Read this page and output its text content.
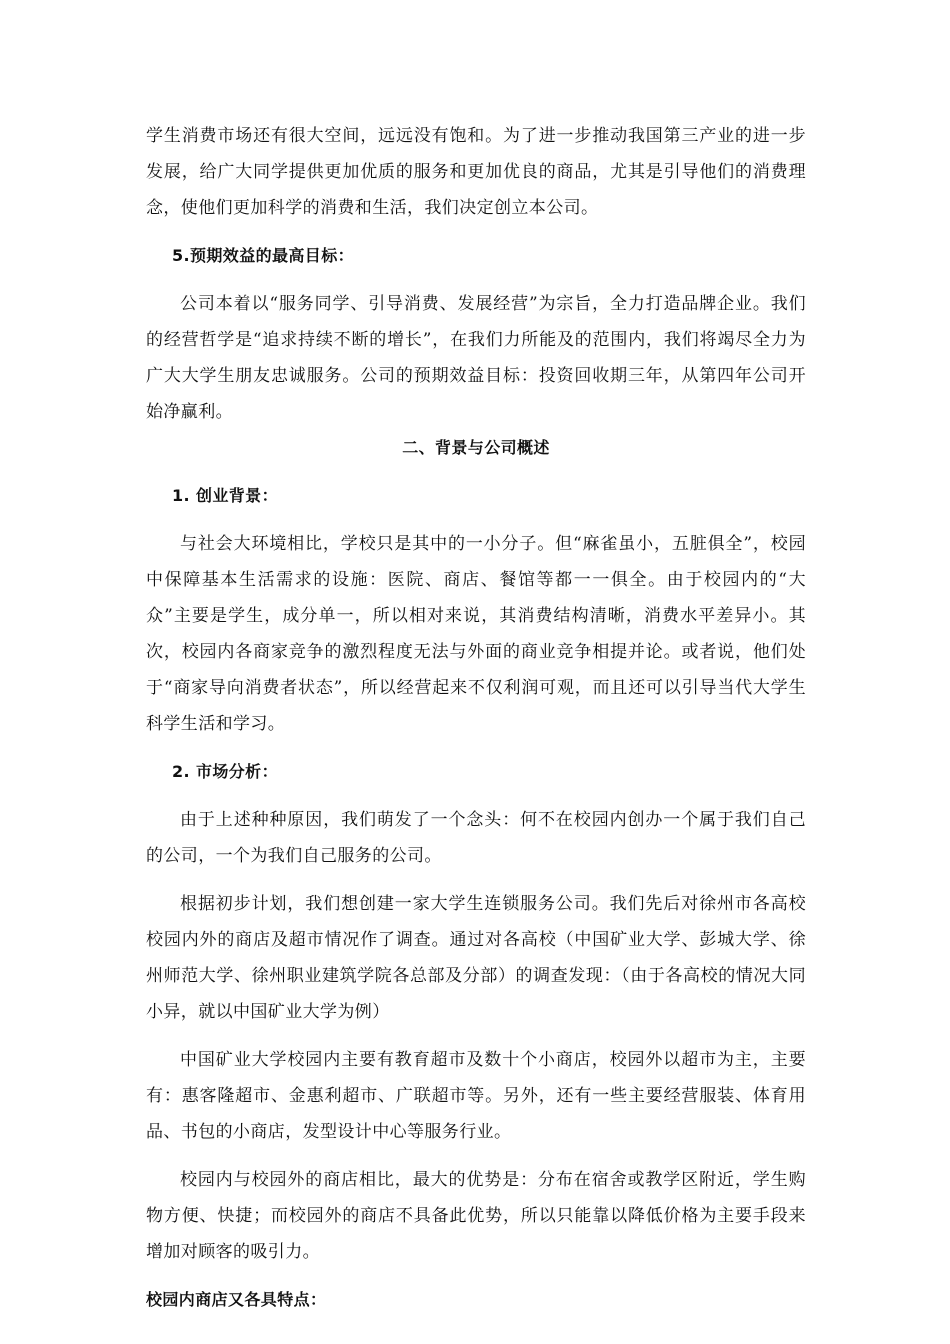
学生消费市场还有很大空间，远远没有饱和。为了进一步推动我国第三产业的进一步发展，给广大同学提供更加优质的服务和更加优良的商品，尤其是引导他们的消费理念，使他们更加科学的消费和生活，我们决定创立本公司。

5.预期效益的最高目标：

公司本着以“服务同学、引导消费、发展经营”为宗旨，全力打造品牌企业。我们的经营哲学是“追求持续不断的增长”，在我们力所能及的范围内，我们将竭尽全力为广大大学生朋友忠诚服务。公司的预期效益目标：投资回收期三年，从第四年公司开始净赢利。

二、背景与公司概述

1. 创业背景：

与社会大环境相比，学校只是其中的一小分子。但“麻雀虽小，五脏俱全”，校园中保障基本生活需求的设施：医院、商店、餐馆等都一一俱全。由于校园内的“大众”主要是学生，成分单一，所以相对来说，其消费结构清晰，消费水平差异小。其次，校园内各商家竞争的激烈程度无法与外面的商业竞争相提并论。或者说，他们处于“商家导向消费者状态”，所以经营起来不仅利润可观，而且还可以引导当代大学生科学生活和学习。

2. 市场分析：

由于上述种种原因，我们萌发了一个念头：何不在校园内创办一个属于我们自己的公司，一个为我们自己服务的公司。

根据初步计划，我们想创建一家大学生连锁服务公司。我们先后对徐州市各高校校园内外的商店及超市情况作了调查。通过对各高校（中国矿业大学、彭城大学、徐州师范大学、徐州职业建筑学院各总部及分部）的调查发现：（由于各高校的情况大同小异，就以中国矿业大学为例）

中国矿业大学校园内主要有教育超市及数十个小商店，校园外以超市为主，主要有：惠客隆超市、金惠利超市、广联超市等。另外，还有一些主要经营服装、体育用品、书包的小商店，发型设计中心等服务行业。

校园内与校园外的商店相比，最大的优势是：分布在宿舍或教学区附近，学生购物方便、快捷；而校园外的商店不具备此优势，所以只能靠以降低价格为主要手段来增加对顾客的吸引力。

校园内商店又各具特点：
